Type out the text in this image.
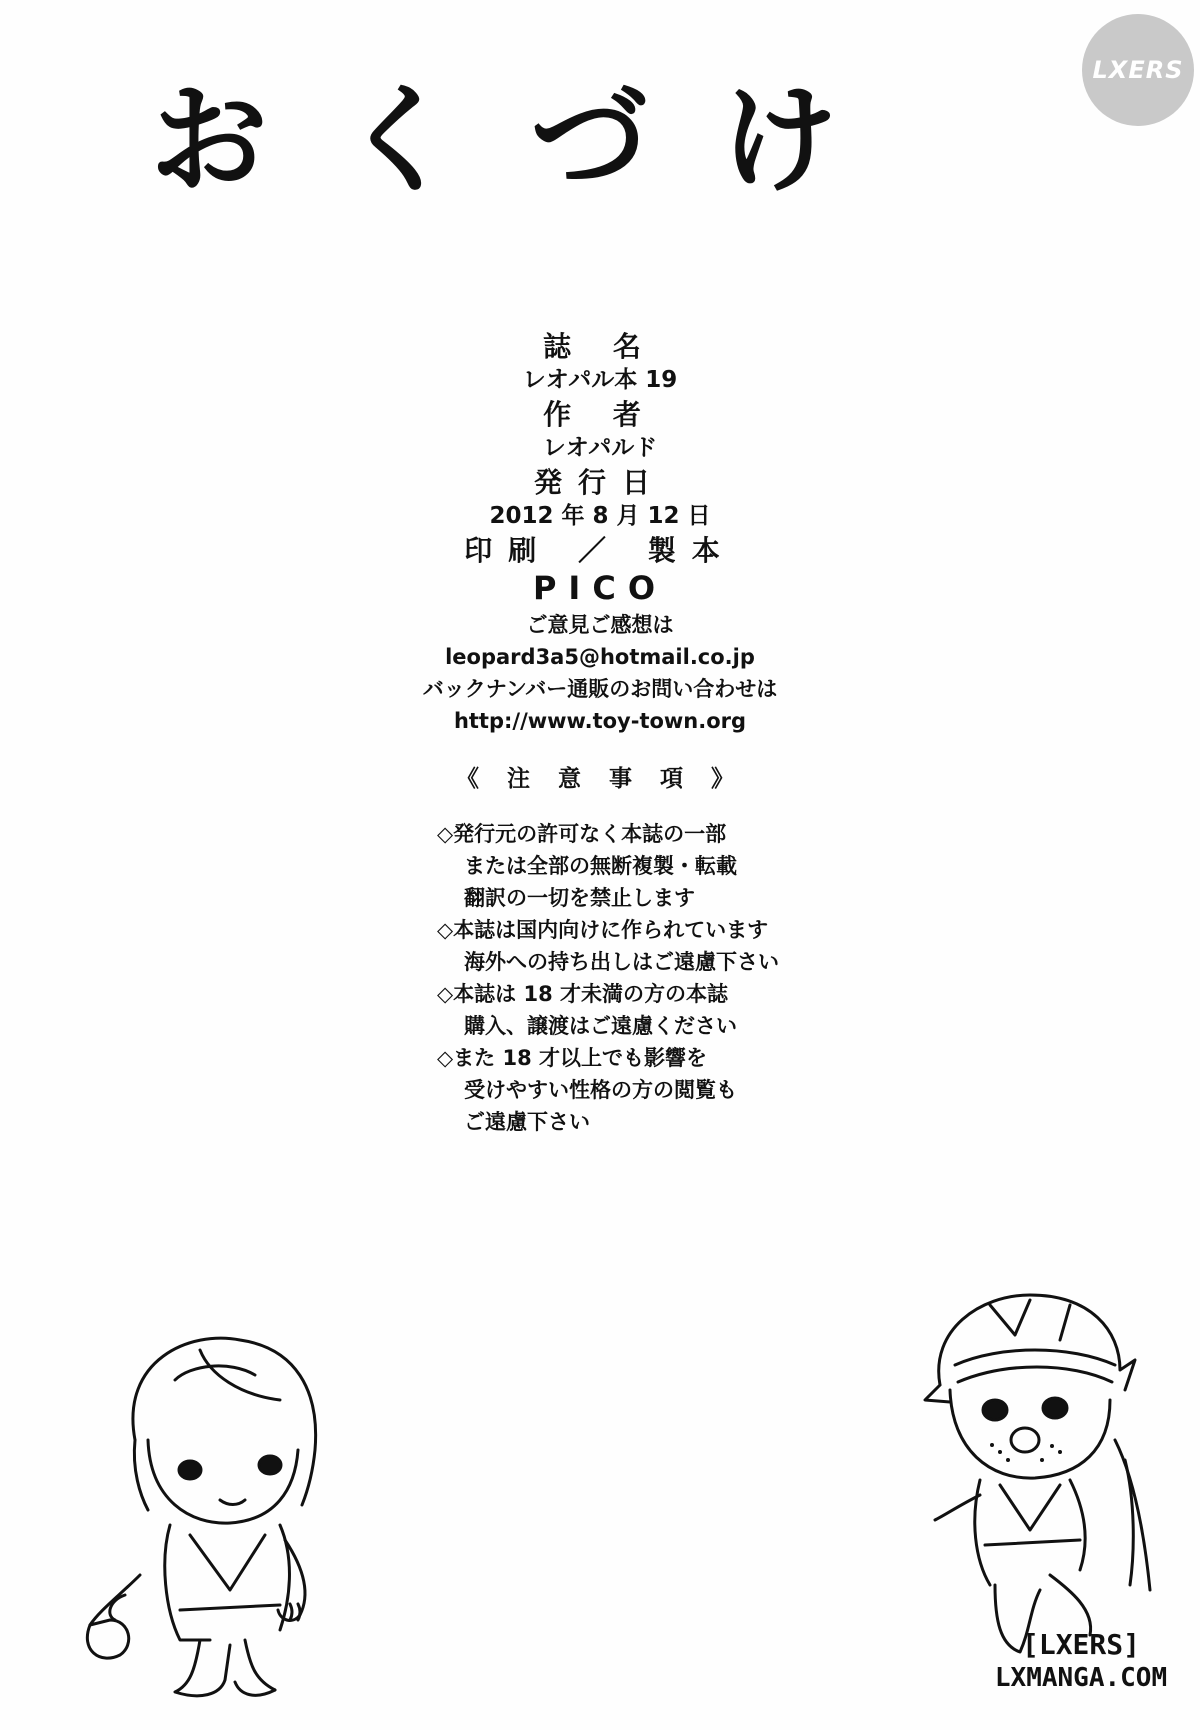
おくづけ
LXERS
誌 名
レオパル本 19
作 者
レオパルド
発行日
2012 年 8 月 12 日
印刷 ／ 製本
PICO
ご意見ご感想は
leopard3a5@hotmail.co.jp
バックナンバー通販のお問い合わせは
http://www.toy-town.org
《 注 意 事 項 》
◇発行元の許可なく本誌の一部
または全部の無断複製・転載
翻訳の一切を禁止します
◇本誌は国内向けに作られています
海外への持ち出しはご遠慮下さい
◇本誌は 18 才未満の方の本誌
購入、譲渡はご遠慮ください
◇また 18 才以上でも影響を
受けやすい性格の方の閲覧も
ご遠慮下さい
[LXERS]
LXMANGA.COM
